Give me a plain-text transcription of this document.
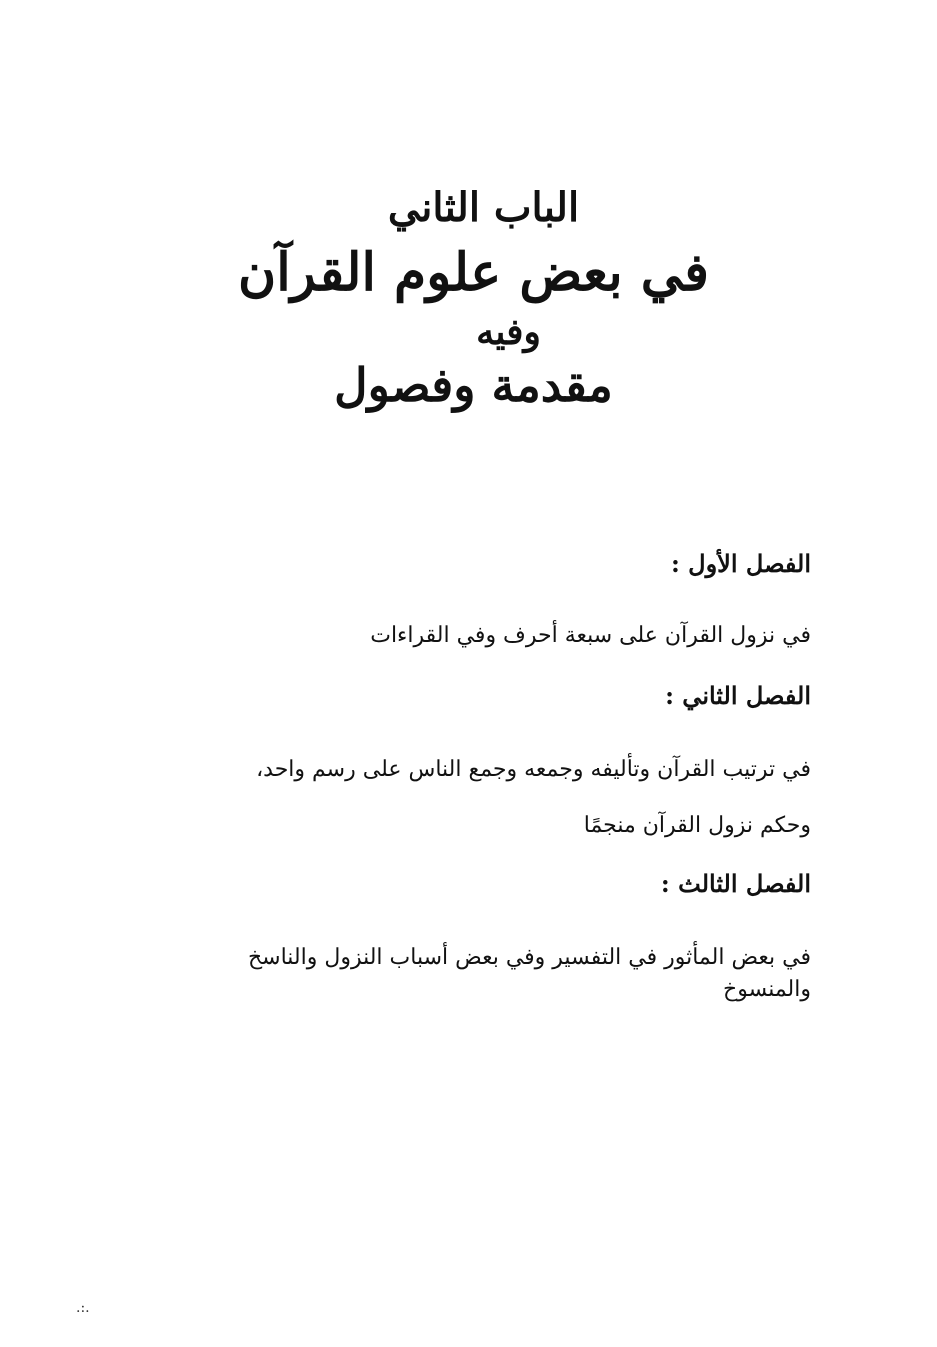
الباب الثاني

في بعض علوم القرآن

وفيه

مقدمة وفصول

الفصل الأول :

في نزول القرآن على سبعة أحرف وفي القراءات

الفصل الثاني :

في ترتيب القرآن وتأليفه وجمعه وجمع الناس على رسم واحد،

وحكم نزول القرآن منجمًا

الفصل الثالث :

في بعض المأثور في التفسير وفي بعض أسباب النزول والناسخ والمنسوخ

.:.
